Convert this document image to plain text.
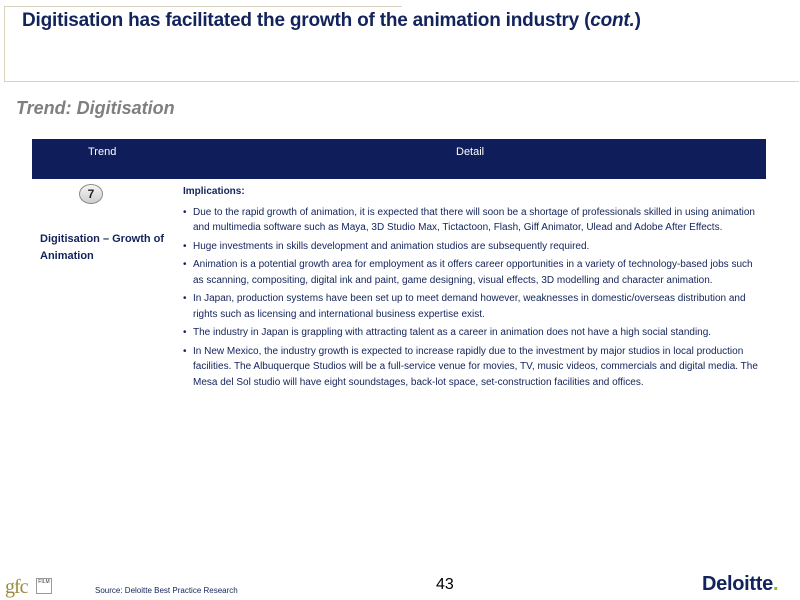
Digitisation has facilitated the growth of the animation industry (cont.)
Trend: Digitisation
Trend	Detail
7
Digitisation – Growth of Animation
Implications:
• Due to the rapid growth of animation, it is expected that there will soon be a shortage of professionals skilled in using animation and multimedia software such as Maya, 3D Studio Max, Tictactoon, Flash, Giff Animator, Ulead and Adobe After Effects.
• Huge investments in skills development and animation studios are subsequently required.
• Animation is a potential growth area for employment as it offers career opportunities in a variety of technology-based jobs such as scanning, compositing, digital ink and paint, game designing, visual effects, 3D modelling and character animation.
• In Japan, production systems have been set up to meet demand however, weaknesses in domestic/overseas distribution and rights such as licensing and international business expertise exist.
• The industry in Japan is grappling with attracting talent as a career in animation does not have a high social standing.
• In New Mexico, the industry growth is expected to increase rapidly due to the investment by major studios in local production facilities. The Albuquerque Studios will be a full-service venue for movies, TV, music videos, commercials and digital media. The Mesa del Sol studio will have eight soundstages, back-lot space, set-construction facilities and offices.
gfc	FILM
Source: Deloitte Best Practice Research	43	Deloitte.
